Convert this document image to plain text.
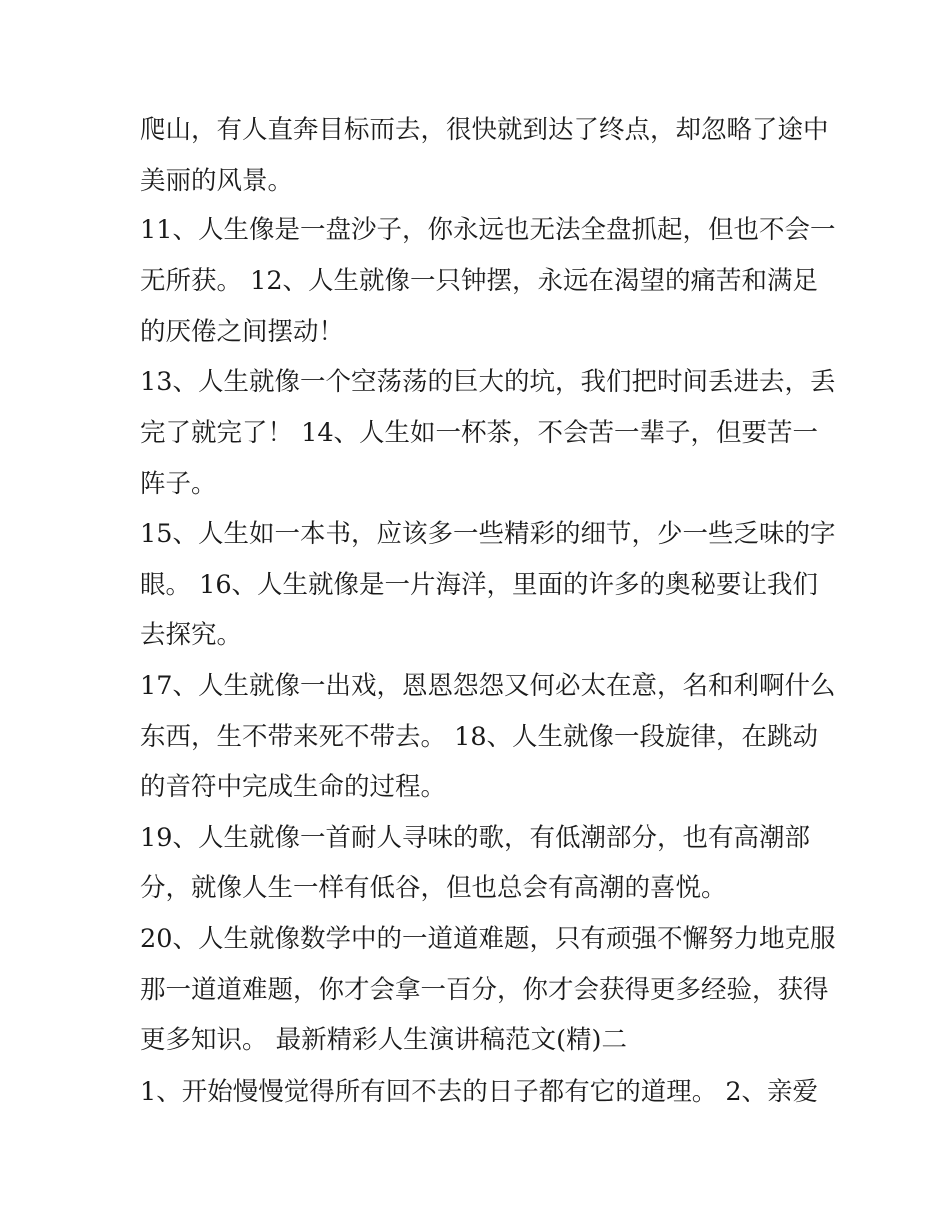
爬山，有人直奔目标而去，很快就到达了终点，却忽略了途中
美丽的风景。
11、人生像是一盘沙子，你永远也无法全盘抓起，但也不会一
无所获。 12、人生就像一只钟摆，永远在渴望的痛苦和满足
的厌倦之间摆动！
13、人生就像一个空荡荡的巨大的坑，我们把时间丢进去，丢
完了就完了！ 14、人生如一杯茶，不会苦一辈子，但要苦一
阵子。
15、人生如一本书，应该多一些精彩的细节，少一些乏味的字
眼。 16、人生就像是一片海洋，里面的许多的奥秘要让我们
去探究。
17、人生就像一出戏，恩恩怨怨又何必太在意，名和利啊什么
东西，生不带来死不带去。 18、人生就像一段旋律，在跳动
的音符中完成生命的过程。
19、人生就像一首耐人寻味的歌，有低潮部分，也有高潮部
分，就像人生一样有低谷，但也总会有高潮的喜悦。
20、人生就像数学中的一道道难题，只有顽强不懈努力地克服
那一道道难题，你才会拿一百分，你才会获得更多经验，获得
更多知识。 最新精彩人生演讲稿范文(精)二
1、开始慢慢觉得所有回不去的日子都有它的道理。 2、亲爱
